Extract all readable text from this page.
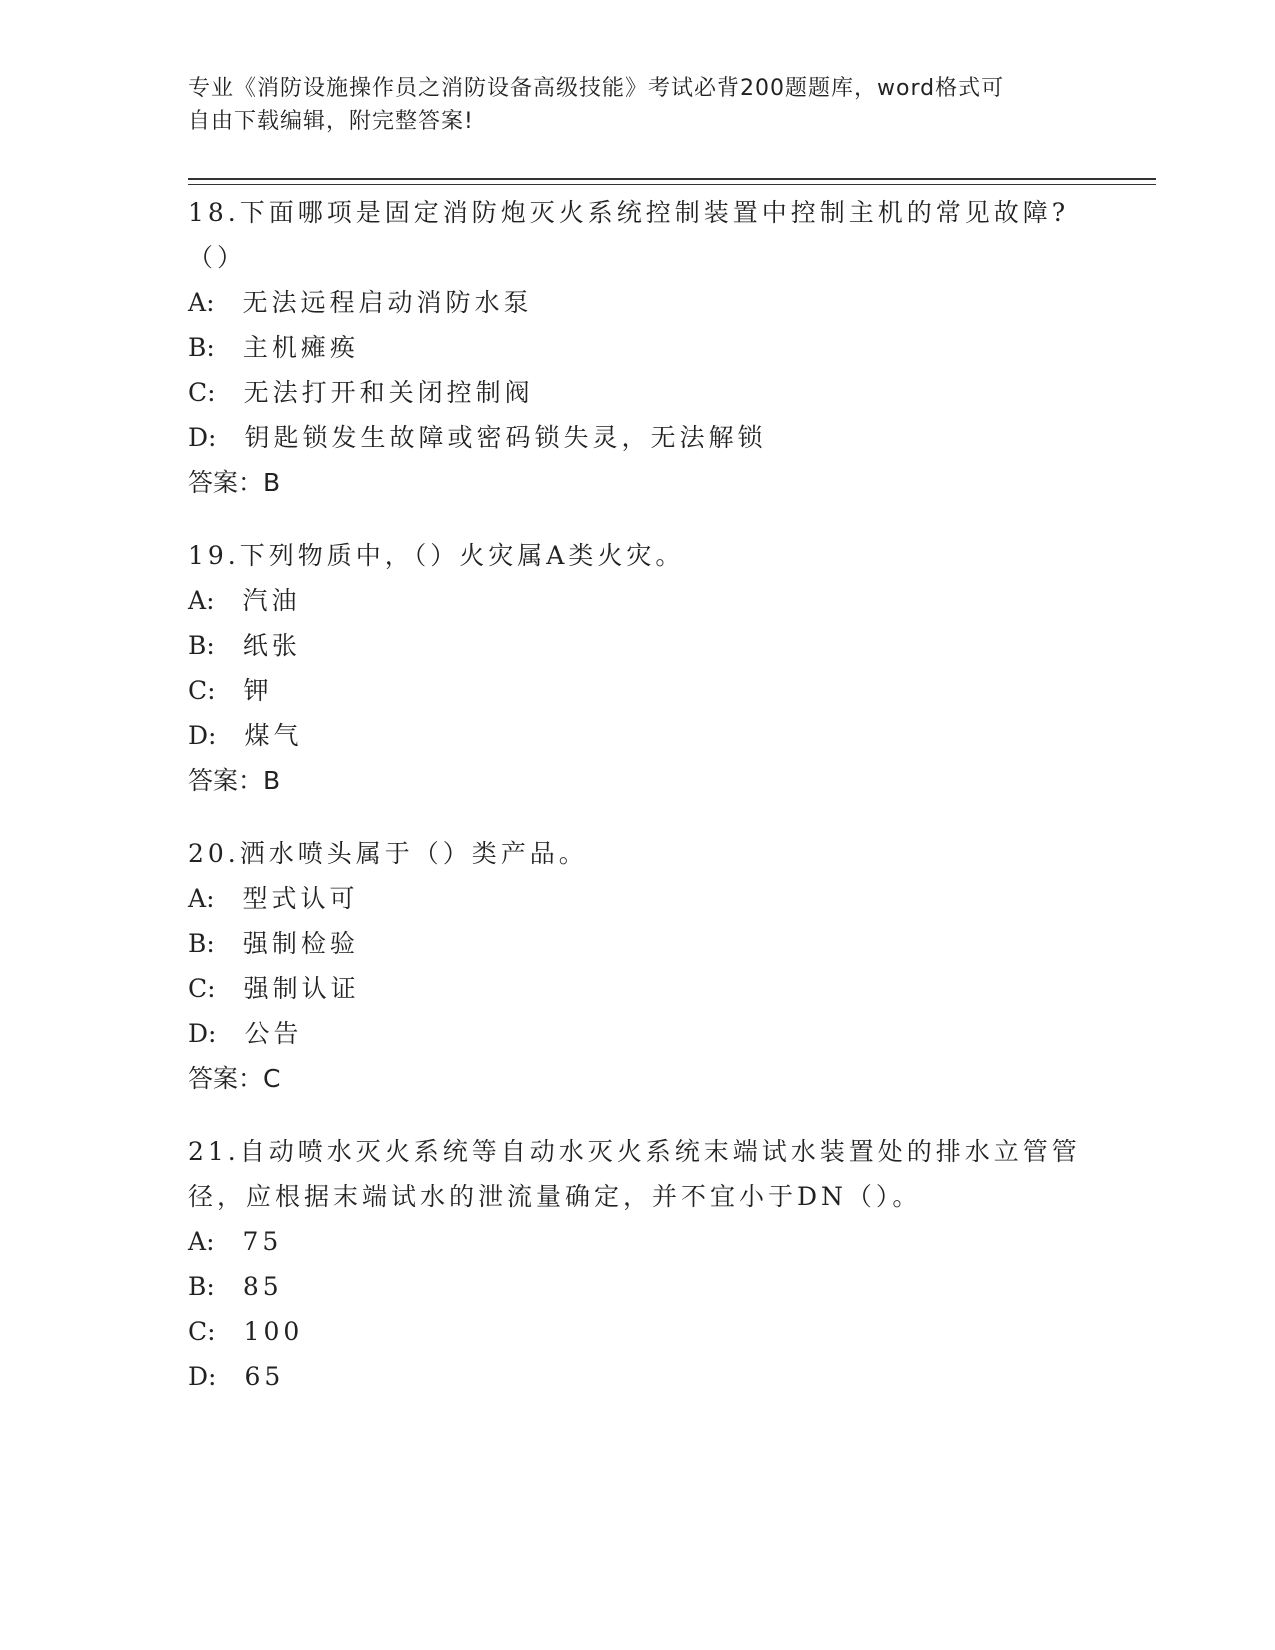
专业《消防设施操作员之消防设备高级技能》考试必背200题题库，word格式可
自由下载编辑，附完整答案!
18.下面哪项是固定消防炮灭火系统控制装置中控制主机的常见故障?
（）
A: 无法远程启动消防水泵
B: 主机瘫痪
C: 无法打开和关闭控制阀
D: 钥匙锁发生故障或密码锁失灵，无法解锁
答案：B
19.下列物质中，（）火灾属A类火灾。
A: 汽油
B: 纸张
C: 钾
D: 煤气
答案：B
20.洒水喷头属于（）类产品。
A: 型式认可
B: 强制检验
C: 强制认证
D: 公告
答案：C
21.自动喷水灭火系统等自动水灭火系统末端试水装置处的排水立管管
径，应根据末端试水的泄流量确定，并不宜小于DN（）。
A: 75
B: 85
C: 100
D: 65
